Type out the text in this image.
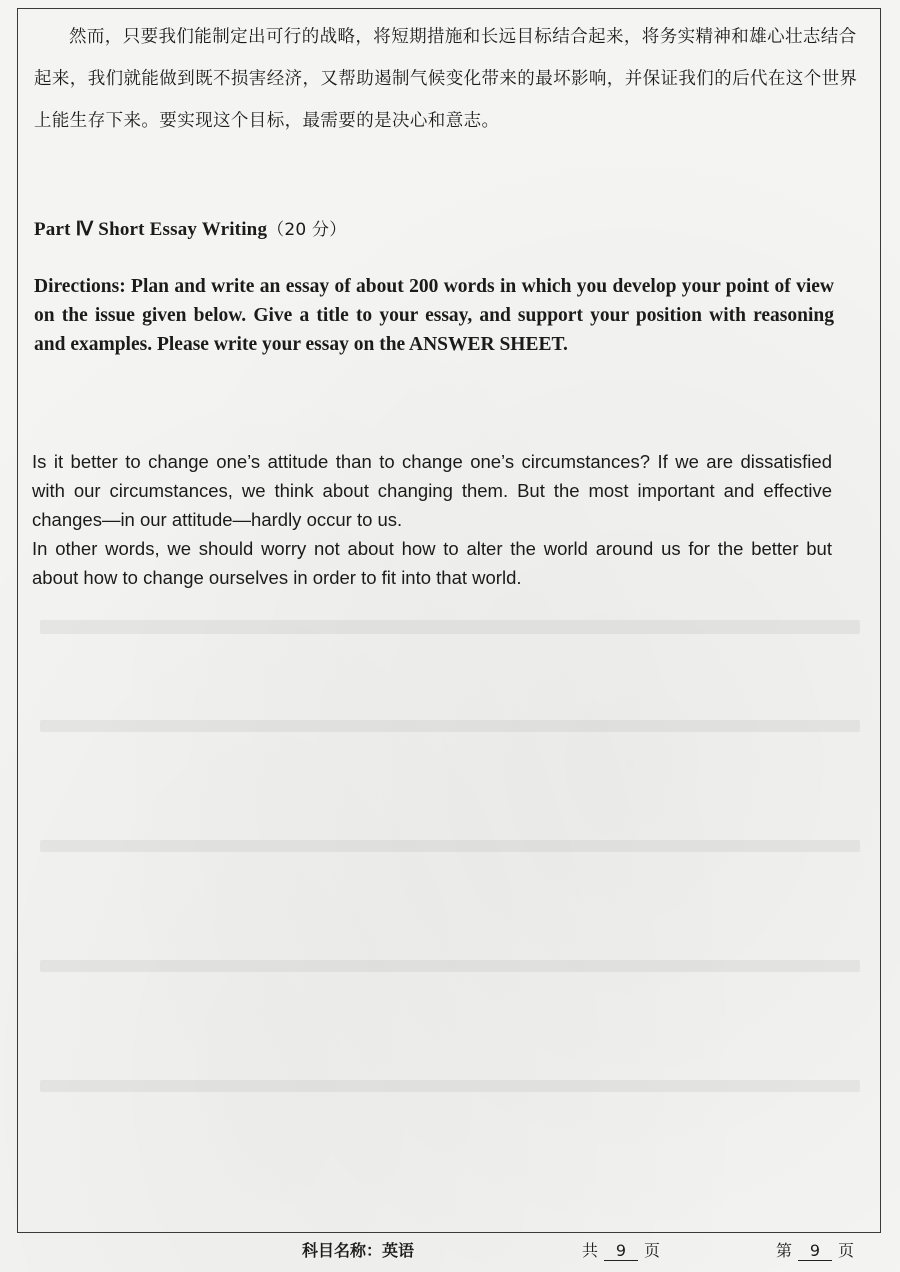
然而，只要我们能制定出可行的战略，将短期措施和长远目标结合起来，将务实精神和雄心壮志结合起来，我们就能做到既不损害经济，又帮助遏制气候变化带来的最坏影响，并保证我们的后代在这个世界上能生存下来。要实现这个目标，最需要的是决心和意志。

Part Ⅳ Short Essay Writing（20 分）
Directions: Plan and write an essay of about 200 words in which you develop your point of view on the issue given below. Give a title to your essay, and support your position with reasoning and examples. Please write your essay on the ANSWER SHEET.

Is it better to change one’s attitude than to change one’s circumstances? If we are dissatisfied with our circumstances, we think about changing them. But the most important and effective changes—in our attitude—hardly occur to us.

In other words, we should worry not about how to alter the world around us for the better but about how to change ourselves in order to fit into that world.

科目名称：英语	共 9 页	第 9 页
